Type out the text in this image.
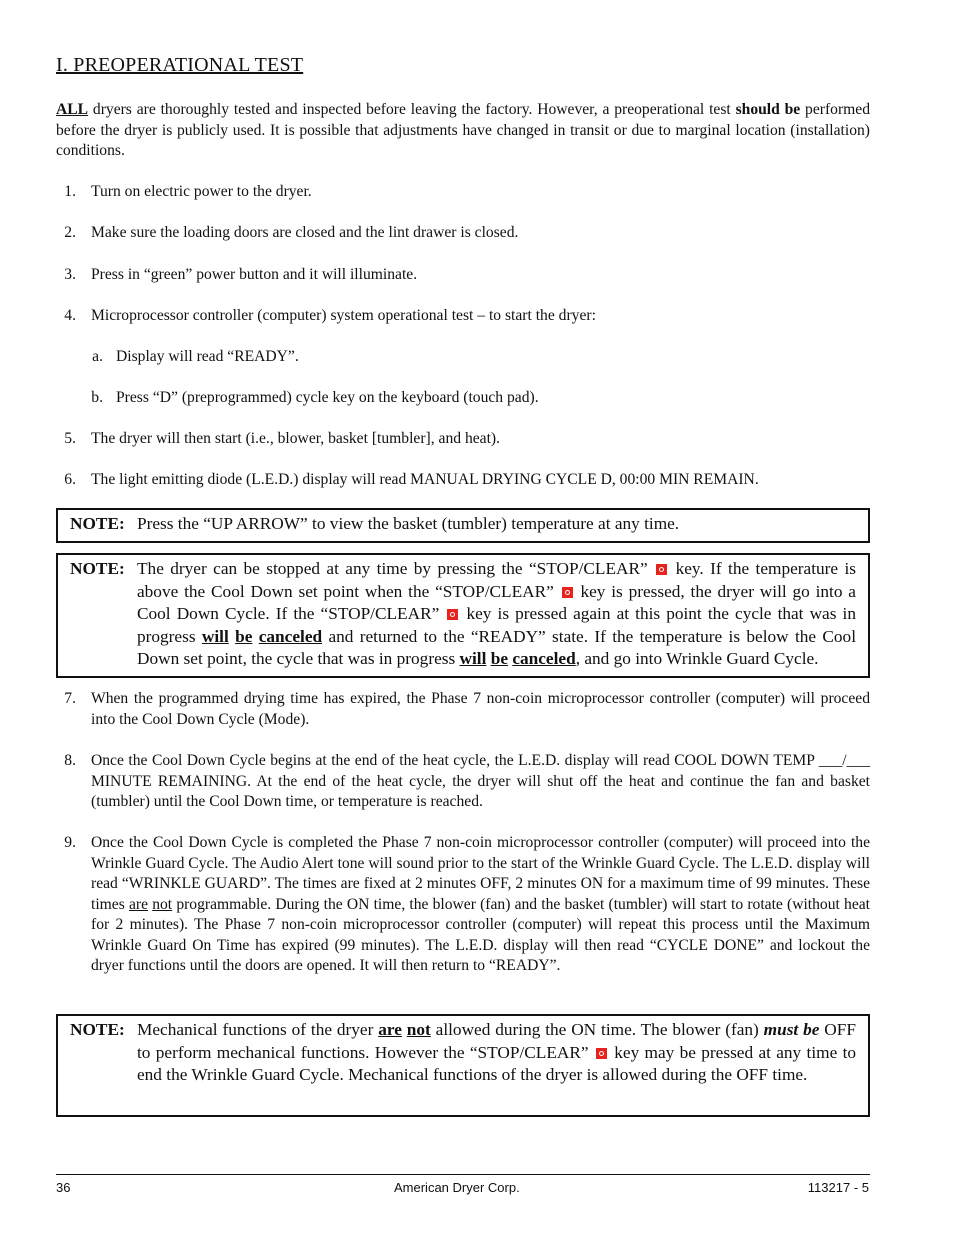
I. PREOPERATIONAL TEST
ALL dryers are thoroughly tested and inspected before leaving the factory. However, a preoperational test should be performed before the dryer is publicly used. It is possible that adjustments have changed in transit or due to marginal location (installation) conditions.
1. Turn on electric power to the dryer.
2. Make sure the loading doors are closed and the lint drawer is closed.
3. Press in “green” power button and it will illuminate.
4. Microprocessor controller (computer) system operational test – to start the dryer:
a. Display will read “READY”.
b. Press “D” (preprogrammed) cycle key on the keyboard (touch pad).
5. The dryer will then start (i.e., blower, basket [tumbler], and heat).
6. The light emitting diode (L.E.D.) display will read MANUAL DRYING CYCLE D, 00:00 MIN REMAIN.
NOTE: Press the “UP ARROW” to view the basket (tumbler) temperature at any time.
NOTE: The dryer can be stopped at any time by pressing the “STOP/CLEAR”  key. If the temperature is above the Cool Down set point when the “STOP/CLEAR”  key is pressed, the dryer will go into a Cool Down Cycle. If the “STOP/CLEAR”  key is pressed again at this point the cycle that was in progress will be canceled and returned to the “READY” state. If the temperature is below the Cool Down set point, the cycle that was in progress will be canceled, and go into Wrinkle Guard Cycle.
7. When the programmed drying time has expired, the Phase 7 non-coin microprocessor controller (computer) will proceed into the Cool Down Cycle (Mode).
8. Once the Cool Down Cycle begins at the end of the heat cycle, the L.E.D. display will read COOL DOWN TEMP ___/___ MINUTE REMAINING. At the end of the heat cycle, the dryer will shut off the heat and continue the fan and basket (tumbler) until the Cool Down time, or temperature is reached.
9. Once the Cool Down Cycle is completed the Phase 7 non-coin microprocessor controller (computer) will proceed into the Wrinkle Guard Cycle. The Audio Alert tone will sound prior to the start of the Wrinkle Guard Cycle. The L.E.D. display will read “WRINKLE GUARD”. The times are fixed at 2 minutes OFF, 2 minutes ON for a maximum time of 99 minutes. These times are not programmable. During the ON time, the blower (fan) and the basket (tumbler) will start to rotate (without heat for 2 minutes). The Phase 7 non-coin microprocessor controller (computer) will repeat this process until the Maximum Wrinkle Guard On Time has expired (99 minutes). The L.E.D. display will then read “CYCLE DONE” and lockout the dryer functions until the doors are opened. It will then return to “READY”.
NOTE: Mechanical functions of the dryer are not allowed during the ON time. The blower (fan) must be OFF to perform mechanical functions. However the “STOP/CLEAR”  key may be pressed at any time to end the Wrinkle Guard Cycle. Mechanical functions of the dryer is allowed during the OFF time.
36	American Dryer Corp.	113217 - 5
